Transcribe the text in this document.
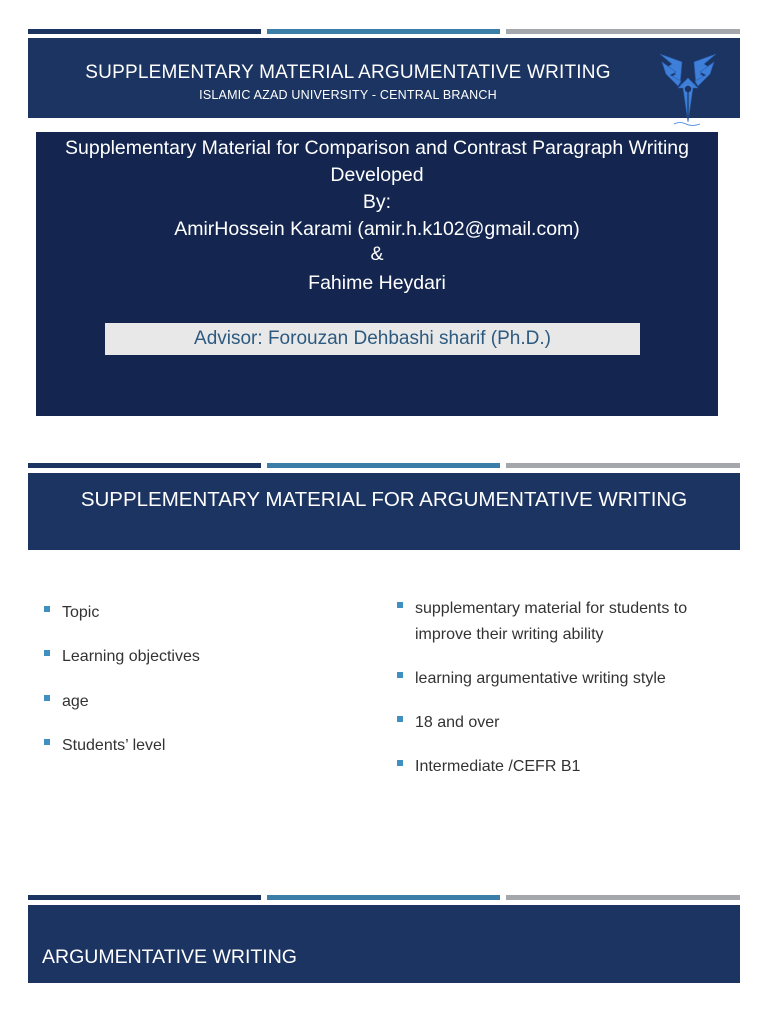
SUPPLEMENTARY MATERIAL ARGUMENTATIVE WRITING
ISLAMIC AZAD UNIVERSITY - CENTRAL BRANCH
Supplementary Material for Comparison and Contrast Paragraph Writing
Developed
By:
AmirHossein Karami (amir.h.k102@gmail.com)
&
Fahime Heydari
Advisor: Forouzan Dehbashi sharif (Ph.D.)
SUPPLEMENTARY MATERIAL FOR ARGUMENTATIVE WRITING
Topic
Learning objectives
age
Students’ level
supplementary material for students to
improve their writing ability
learning argumentative writing style
18 and over
Intermediate /CEFR B1
ARGUMENTATIVE WRITING
